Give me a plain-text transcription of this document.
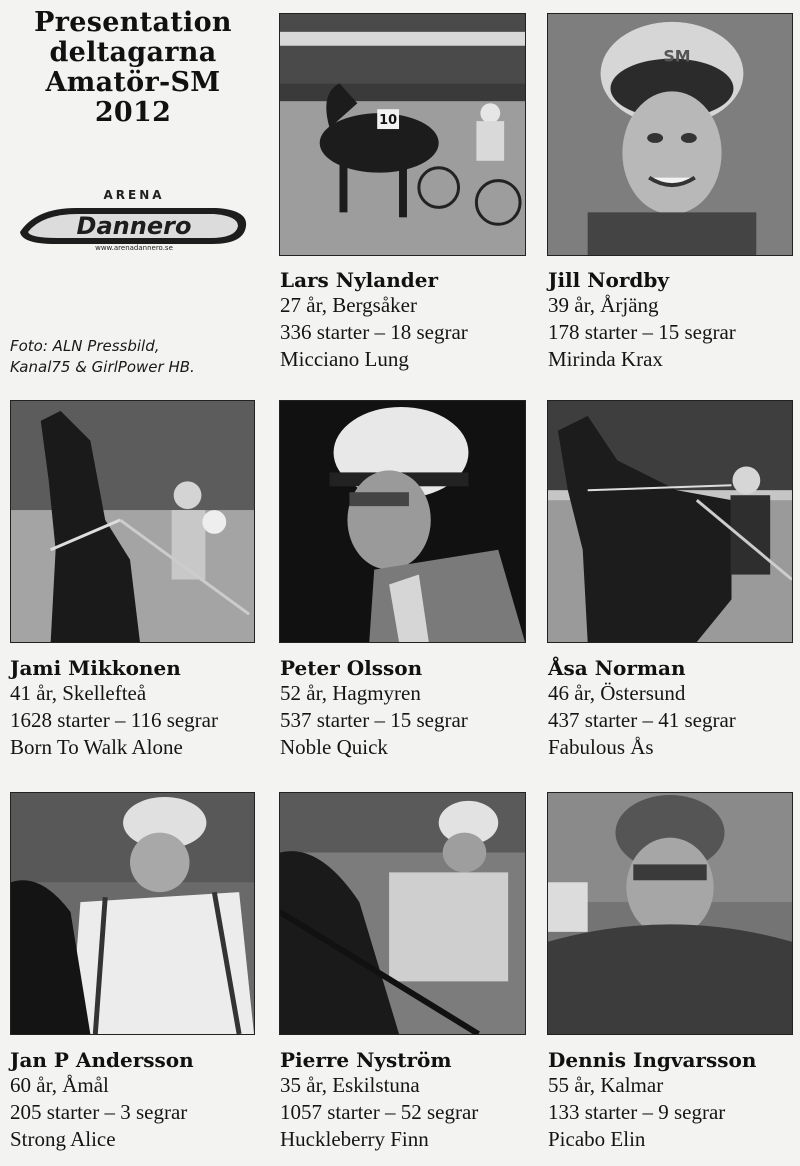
Presentation
deltagarna
Amatör-SM
2012
ARENA
Dannero
www.arenadannero.se
Foto: ALN Pressbild,
Kanal75 & GirlPower HB.
10
SM
Lars Nylander
27 år, Bergsåker
336 starter – 18 segrar
Micciano Lung
Jill Nordby
39 år, Årjäng
178 starter – 15 segrar
Mirinda Krax
Jami Mikkonen
41 år, Skellefteå
1628 starter – 116 segrar
Born To Walk Alone
Peter Olsson
52 år, Hagmyren
537 starter – 15 segrar
Noble Quick
Åsa Norman
46 år, Östersund
437 starter – 41 segrar
Fabulous Ås
Jan P Andersson
60 år, Åmål
205 starter – 3 segrar
Strong Alice
Pierre Nyström
35 år, Eskilstuna
1057 starter – 52 segrar
Huckleberry Finn
Dennis Ingvarsson
55 år, Kalmar
133 starter – 9 segrar
Picabo Elin
